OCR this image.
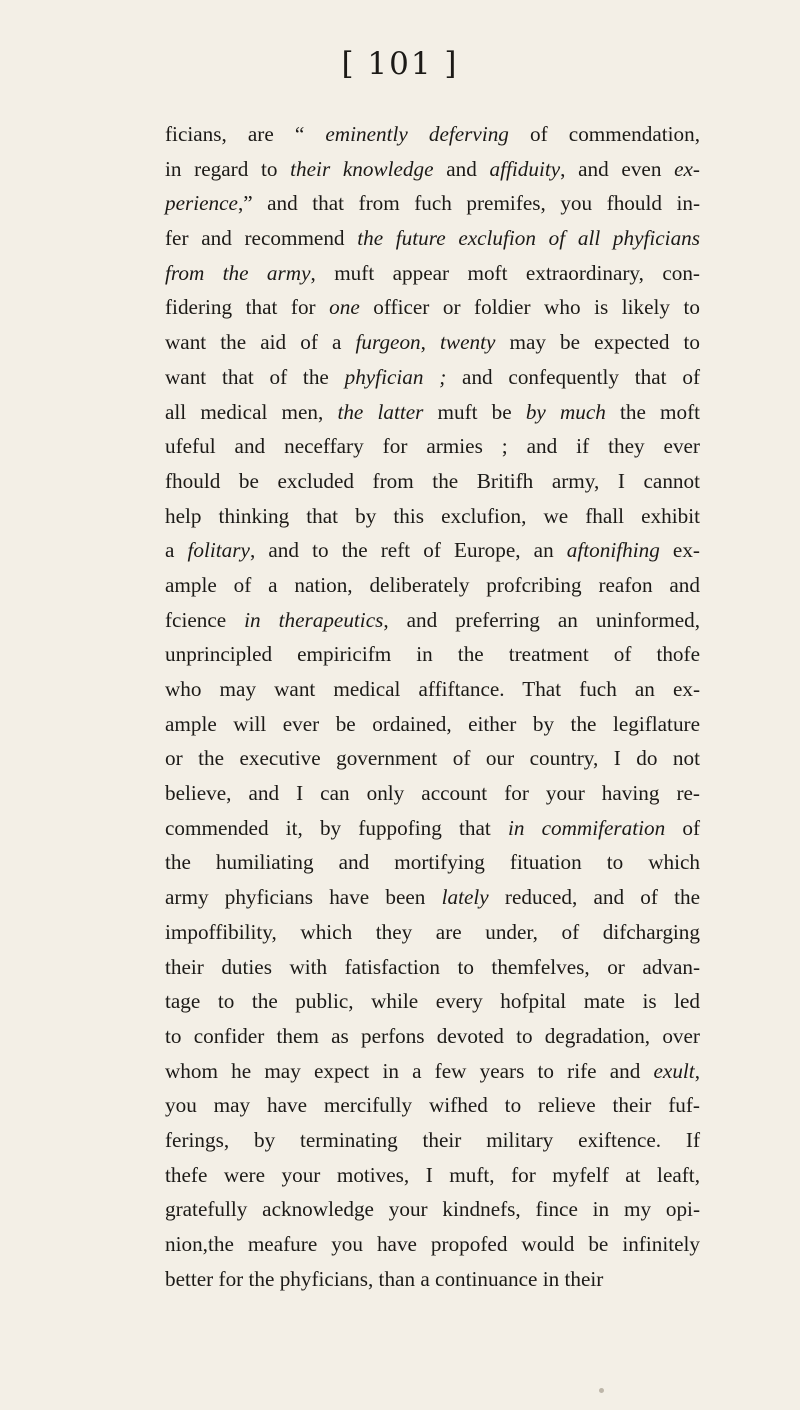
[ 101 ]
ficians, are “ eminently deferving of commendation,
in regard to their knowledge and affiduity, and even ex-
perience,” and that from fuch premifes, you fhould in-
fer and recommend the future exclufion of all phyficians
from the army, muft appear moft extraordinary, con-
fidering that for one officer or foldier who is likely to
want the aid of a furgeon, twenty may be expected to
want that of the phyfician ; and confequently that of
all medical men, the latter muft be by much the moft
ufeful and neceffary for armies ; and if they ever
fhould be excluded from the Britifh army, I cannot
help thinking that by this exclufion, we fhall exhibit
a folitary, and to the reft of Europe, an aftonifhing ex-
ample of a nation, deliberately profcribing reafon and
fcience in therapeutics, and preferring an uninformed,
unprincipled empiricifm in the treatment of thofe
who may want medical affiftance. That fuch an ex-
ample will ever be ordained, either by the legiflature
or the executive government of our country, I do not
believe, and I can only account for your having re-
commended it, by fuppofing that in commiferation of
the humiliating and mortifying fituation to which
army phyficians have been lately reduced, and of the
impoffibility, which they are under, of difcharging
their duties with fatisfaction to themfelves, or advan-
tage to the public, while every hofpital mate is led
to confider them as perfons devoted to degradation, over
whom he may expect in a few years to rife and exult,
you may have mercifully wifhed to relieve their fuf-
ferings, by terminating their military exiftence. If
thefe were your motives, I muft, for myfelf at leaft,
gratefully acknowledge your kindnefs, fince in my opi-
nion,the meafure you have propofed would be infinitely
better for the phyficians, than a continuance in their
